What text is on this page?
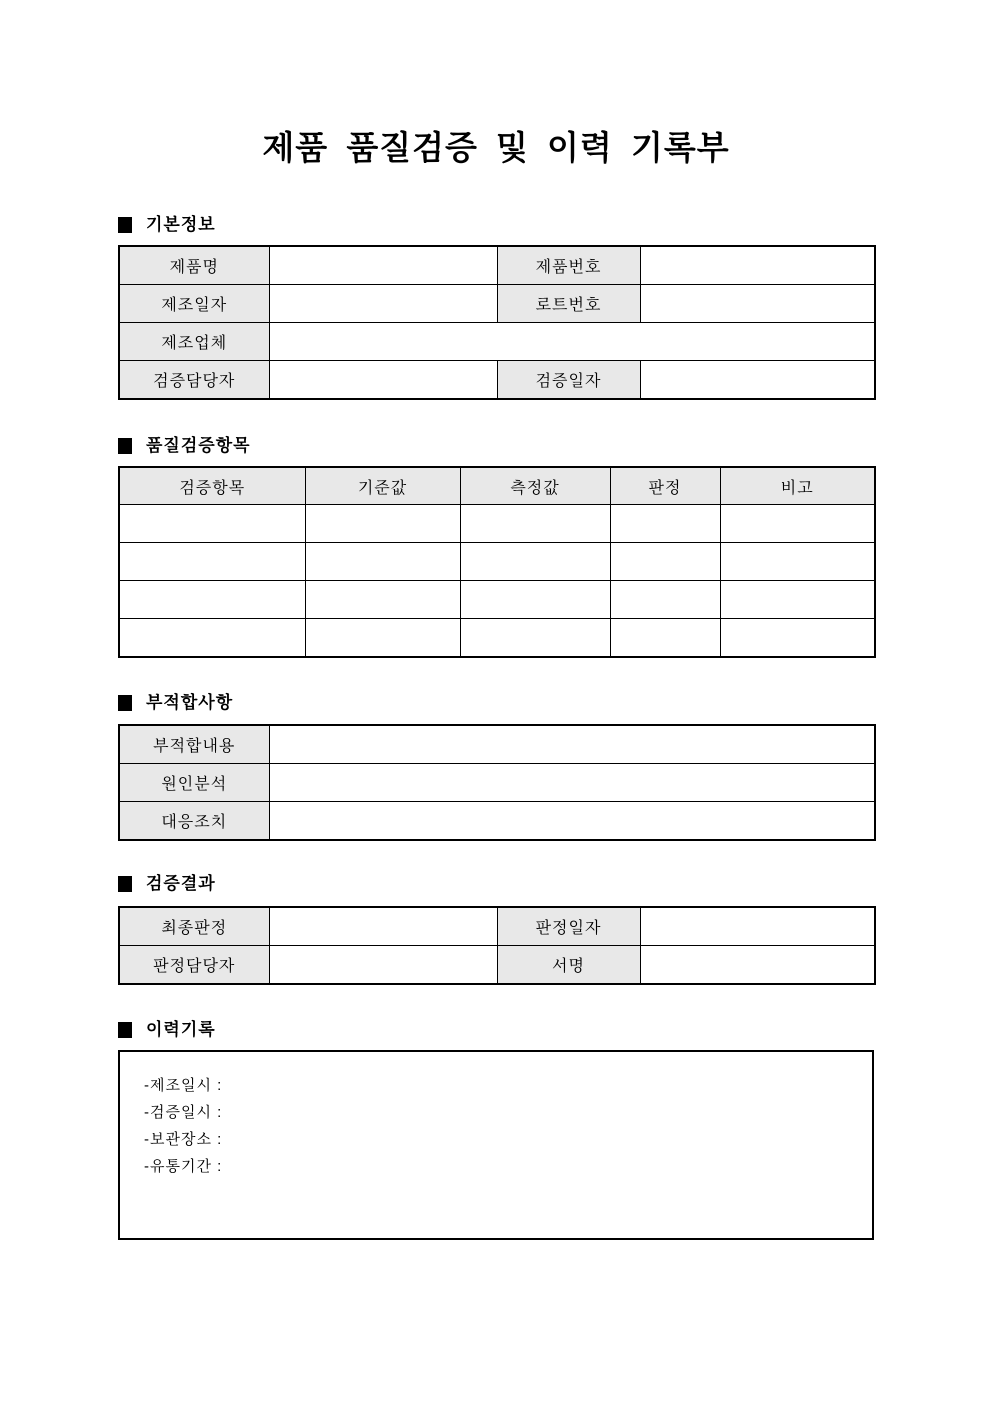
제품 품질검증 및 이력 기록부
기본정보
제품명		제품번호	
제조일자		로트번호	
제조업체			
검증담당자		검증일자	
품질검증항목
검증항목	기준값	측정값	판정	비고

부적합사항
부적합내용	
원인분석	
대응조치	
검증결과
최종판정		판정일자	
판정담당자		서명	
이력기록
-제조일시 :
-검증일시 :
-보관장소 :
-유통기간 :
